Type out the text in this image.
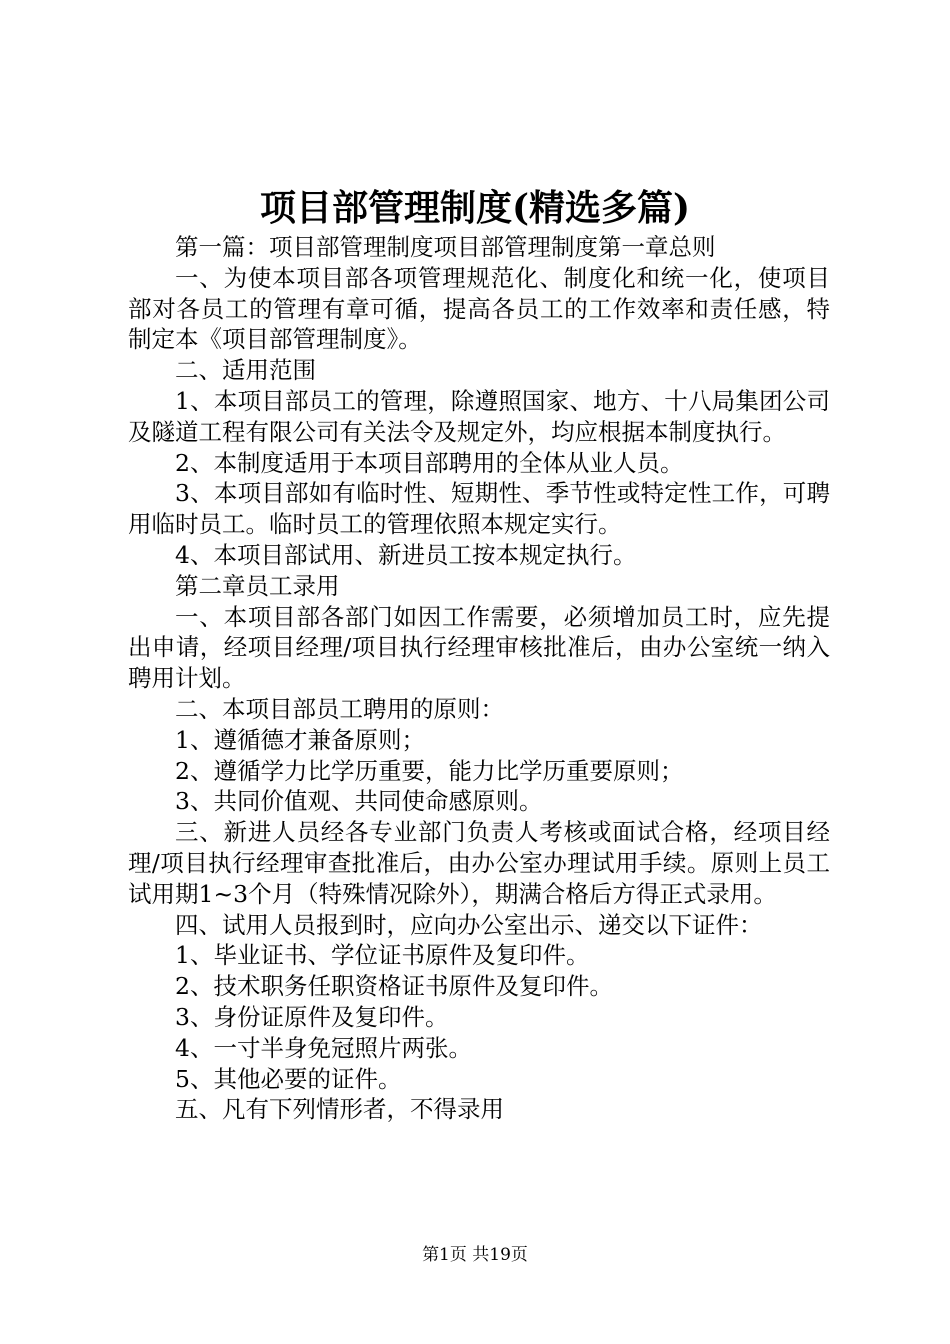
项目部管理制度(精选多篇)

第一篇：项目部管理制度项目部管理制度第一章总则

一、为使本项目部各项管理规范化、制度化和统一化，使项目部对各员工的管理有章可循，提高各员工的工作效率和责任感，特制定本《项目部管理制度》。

二、适用范围

1、本项目部员工的管理，除遵照国家、地方、十八局集团公司及隧道工程有限公司有关法令及规定外，均应根据本制度执行。

2、本制度适用于本项目部聘用的全体从业人员。

3、本项目部如有临时性、短期性、季节性或特定性工作，可聘用临时员工。临时员工的管理依照本规定实行。

4、本项目部试用、新进员工按本规定执行。

第二章员工录用

一、本项目部各部门如因工作需要，必须增加员工时，应先提出申请，经项目经理/项目执行经理审核批准后，由办公室统一纳入聘用计划。

二、本项目部员工聘用的原则：

1、遵循德才兼备原则；

2、遵循学力比学历重要，能力比学历重要原则；

3、共同价值观、共同使命感原则。

三、新进人员经各专业部门负责人考核或面试合格，经项目经理/项目执行经理审查批准后，由办公室办理试用手续。原则上员工试用期1~3个月（特殊情况除外），期满合格后方得正式录用。

四、试用人员报到时，应向办公室出示、递交以下证件：

1、毕业证书、学位证书原件及复印件。

2、技术职务任职资格证书原件及复印件。

3、身份证原件及复印件。

4、一寸半身免冠照片两张。

5、其他必要的证件。

五、凡有下列情形者，不得录用

第1页 共19页
